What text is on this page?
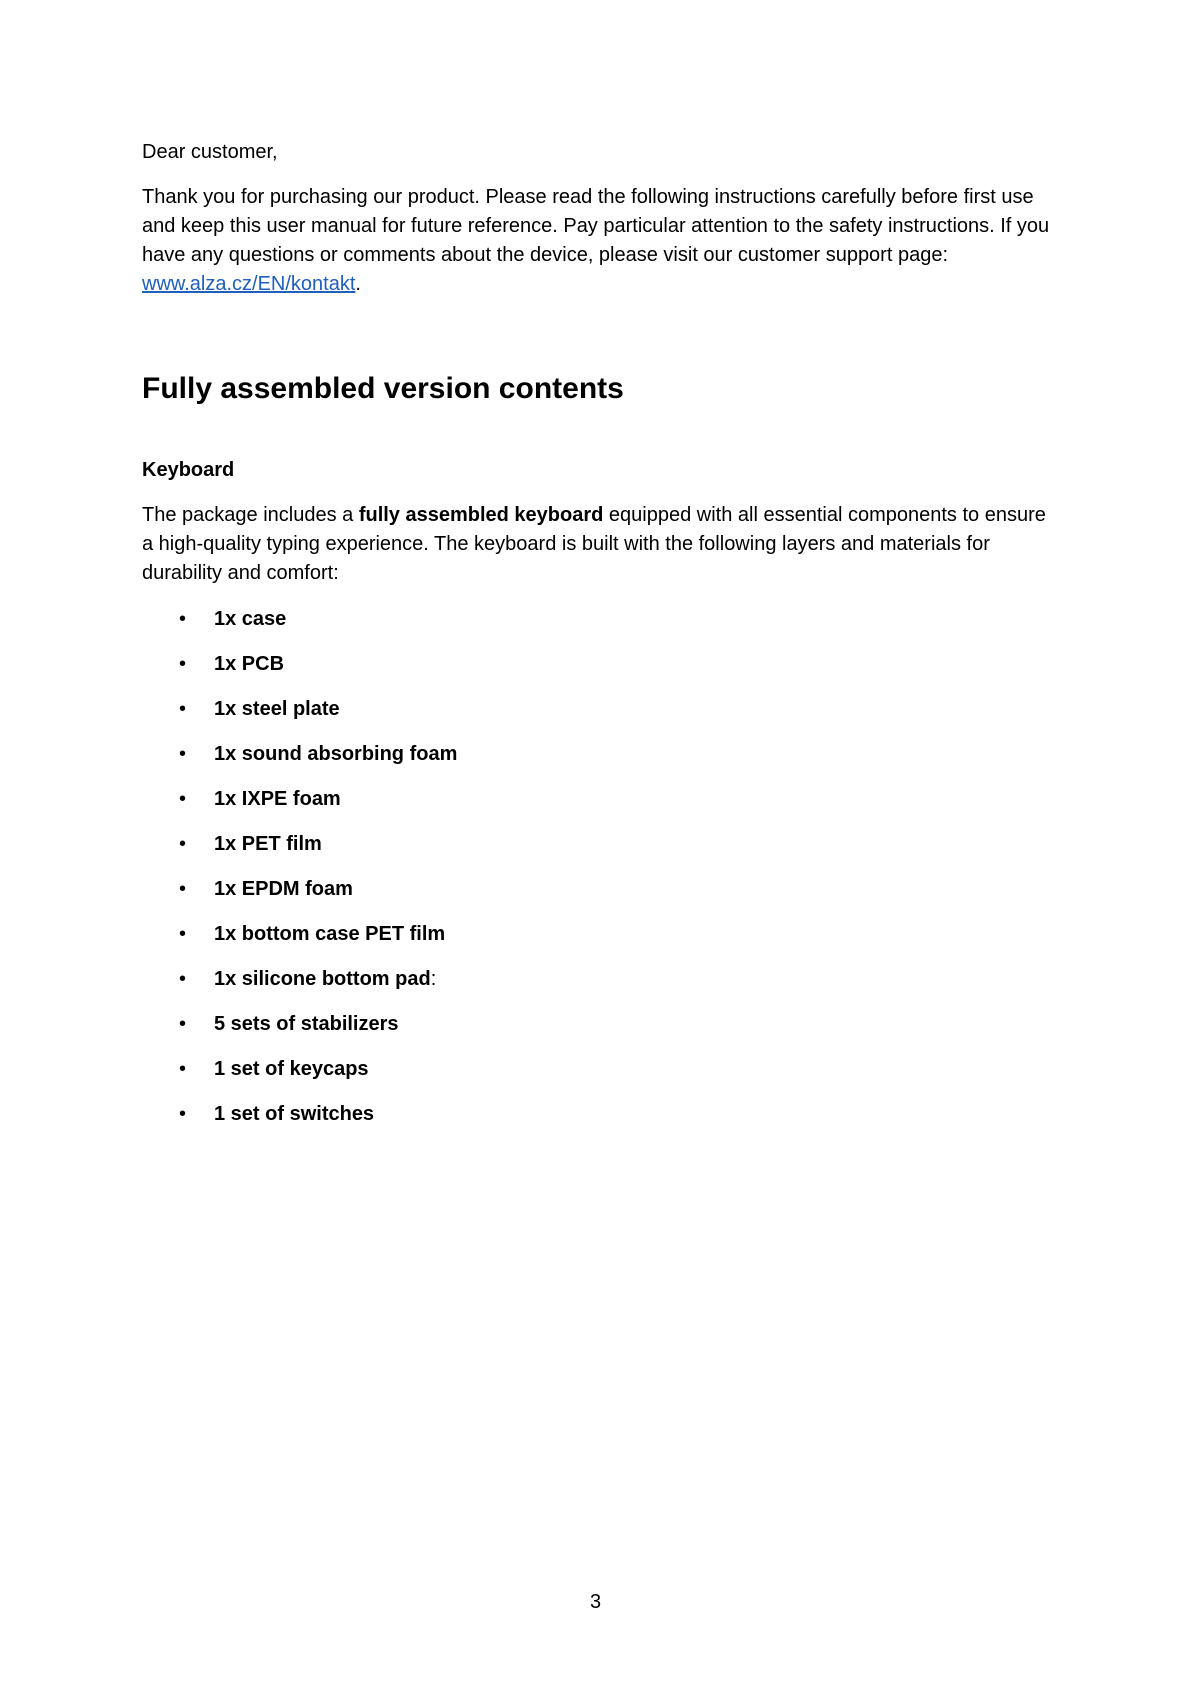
Dear customer,

Thank you for purchasing our product. Please read the following instructions carefully before first use and keep this user manual for future reference. Pay particular attention to the safety instructions. If you have any questions or comments about the device, please visit our customer support page: www.alza.cz/EN/kontakt.

Fully assembled version contents
Keyboard

The package includes a fully assembled keyboard equipped with all essential components to ensure a high-quality typing experience. The keyboard is built with the following layers and materials for durability and comfort:

• 1x case
• 1x PCB
• 1x steel plate
• 1x sound absorbing foam
• 1x IXPE foam
• 1x PET film
• 1x EPDM foam
• 1x bottom case PET film
• 1x silicone bottom pad:
• 5 sets of stabilizers
• 1 set of keycaps
• 1 set of switches
3
